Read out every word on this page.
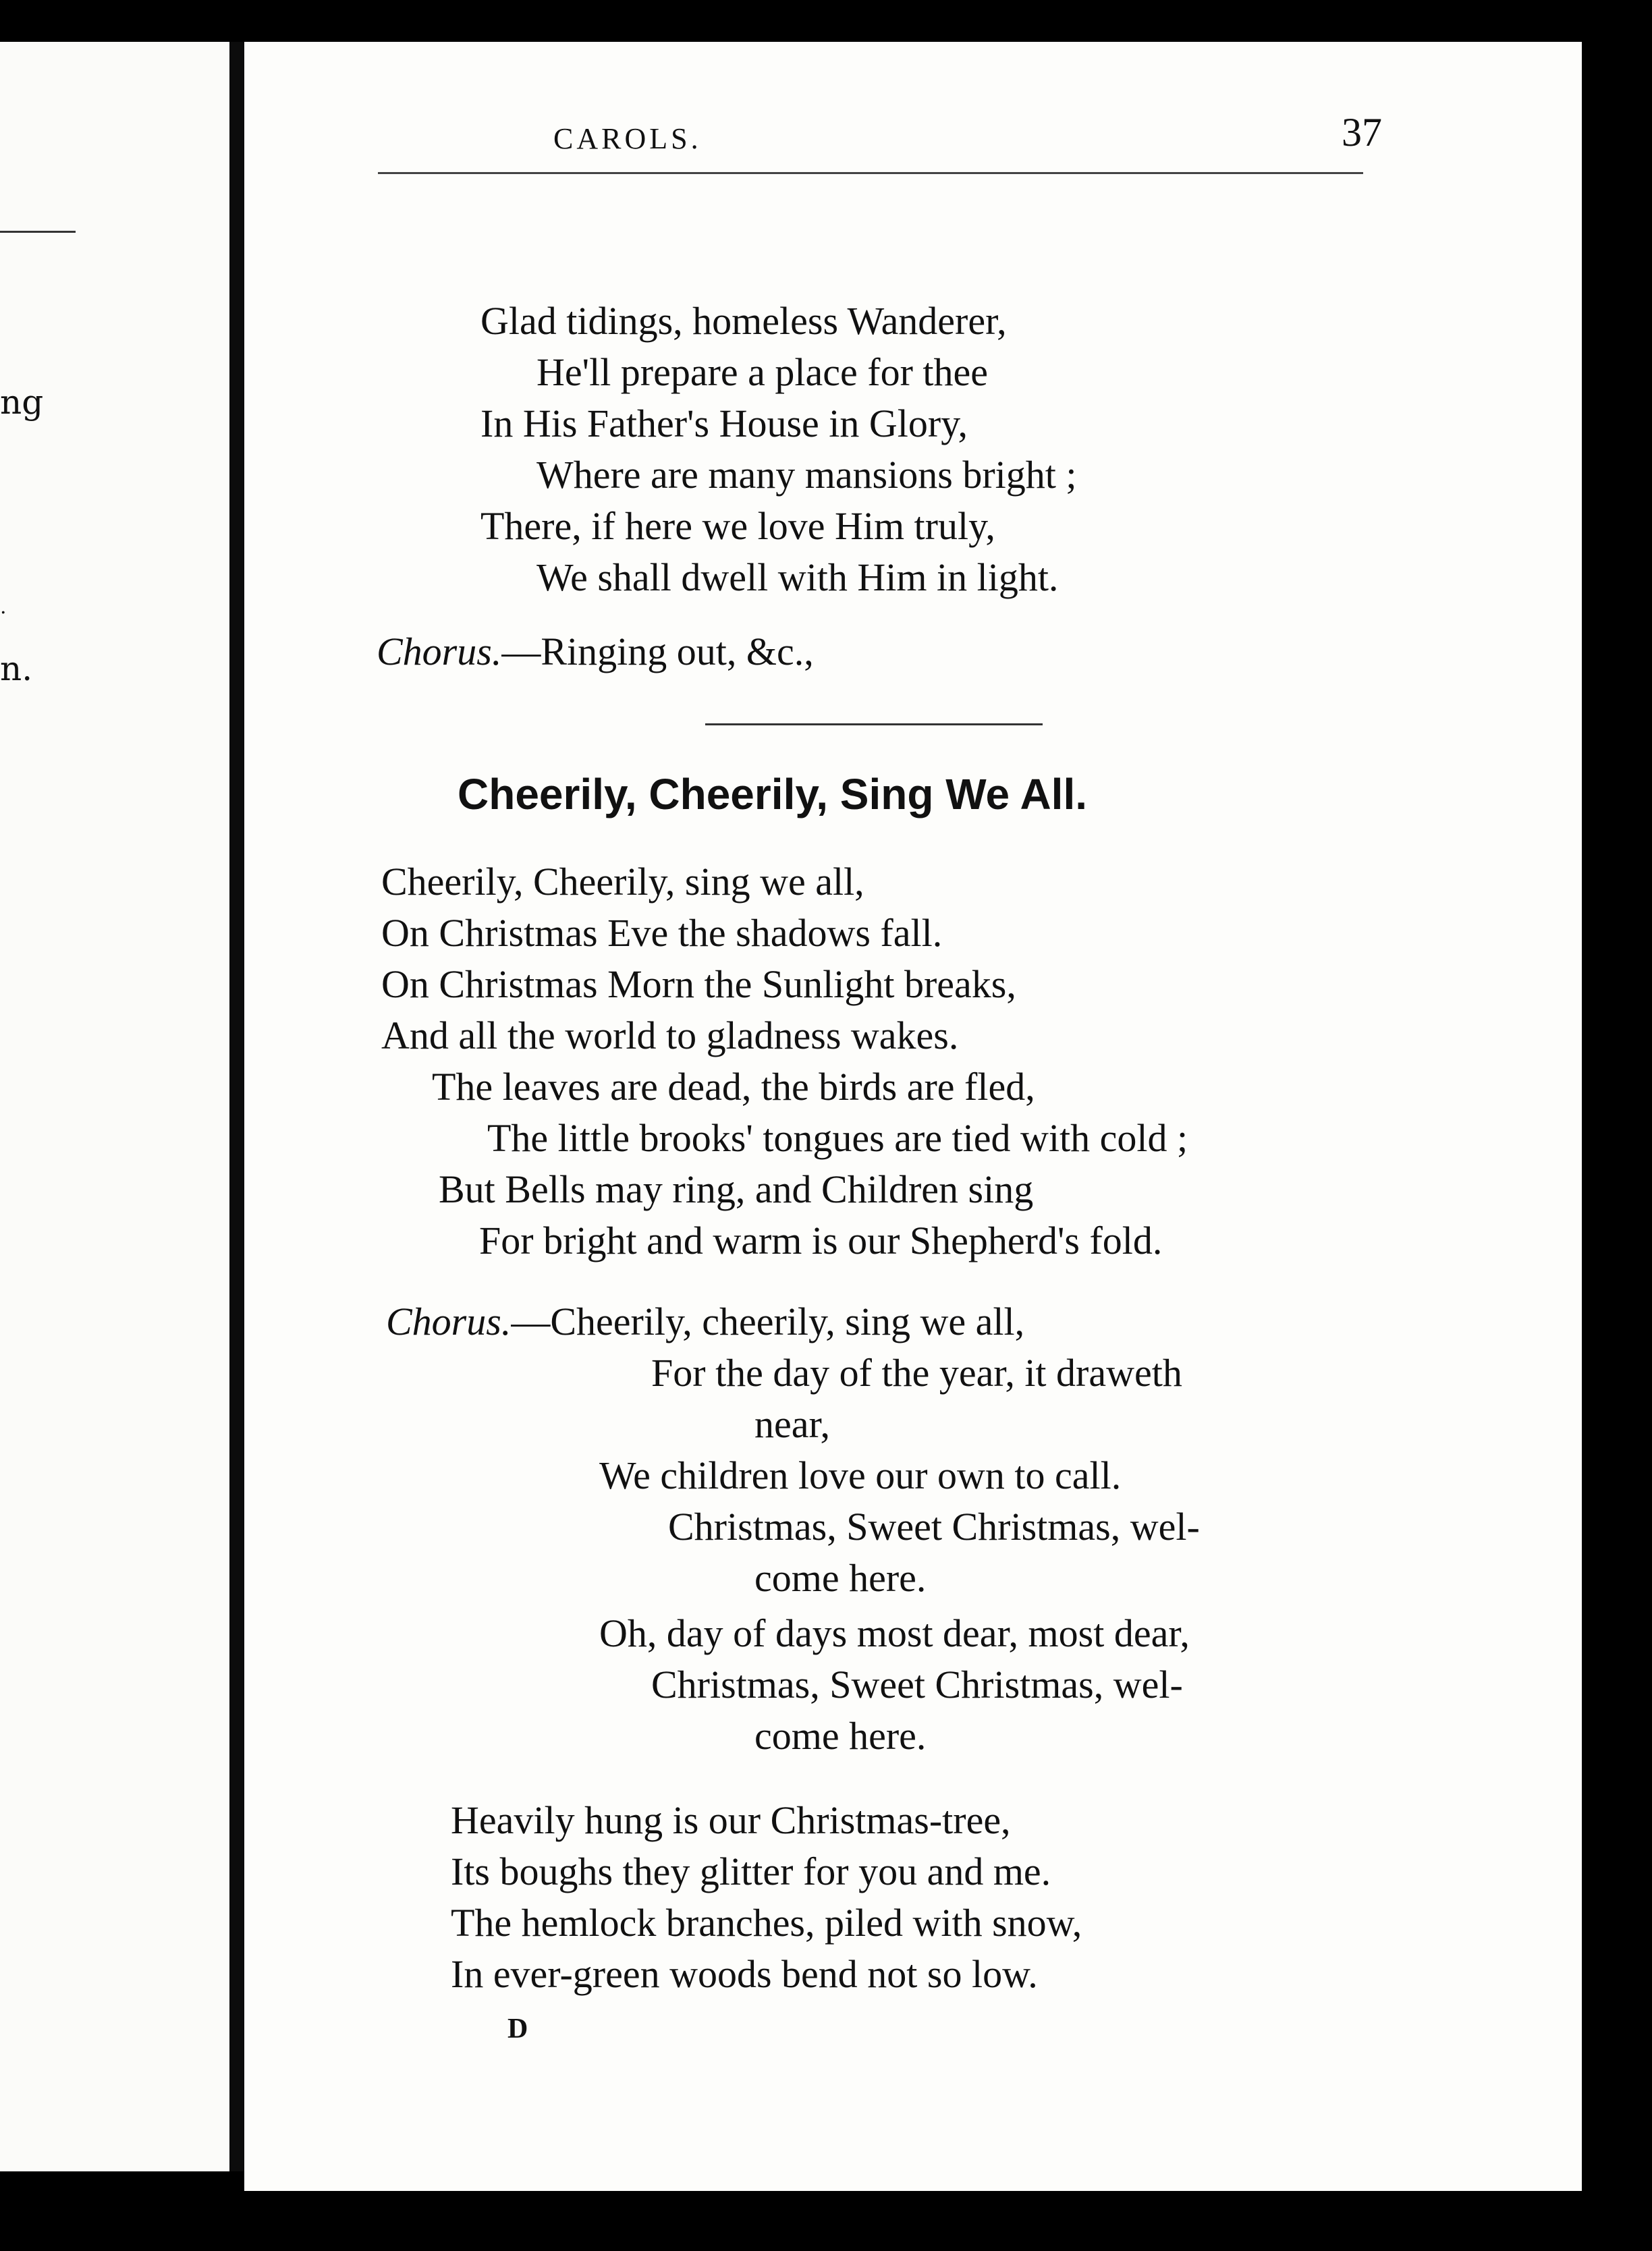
ng
.
n.
CAROLS.	37
Glad tidings, homeless Wanderer,
He'll prepare a place for thee
In His Father's House in Glory,
Where are many mansions bright ;
There, if here we love Him truly,
We shall dwell with Him in light.
Chorus.—Ringing out, &c.,
Cheerily, Cheerily, Sing We All.
Cheerily, Cheerily, sing we all,
On Christmas Eve the shadows fall.
On Christmas Morn the Sunlight breaks,
And all the world to gladness wakes.
The leaves are dead, the birds are fled,
The little brooks' tongues are tied with cold ;
But Bells may ring, and Children sing
For bright and warm is our Shepherd's fold.
Chorus.—Cheerily, cheerily, sing we all,
For the day of the year, it draweth
near,
We children love our own to call.
Christmas, Sweet Christmas, wel-
come here.
Oh, day of days most dear, most dear,
Christmas, Sweet Christmas, wel-
come here.
Heavily hung is our Christmas-tree,
Its boughs they glitter for you and me.
The hemlock branches, piled with snow,
In ever-green woods bend not so low.
D
